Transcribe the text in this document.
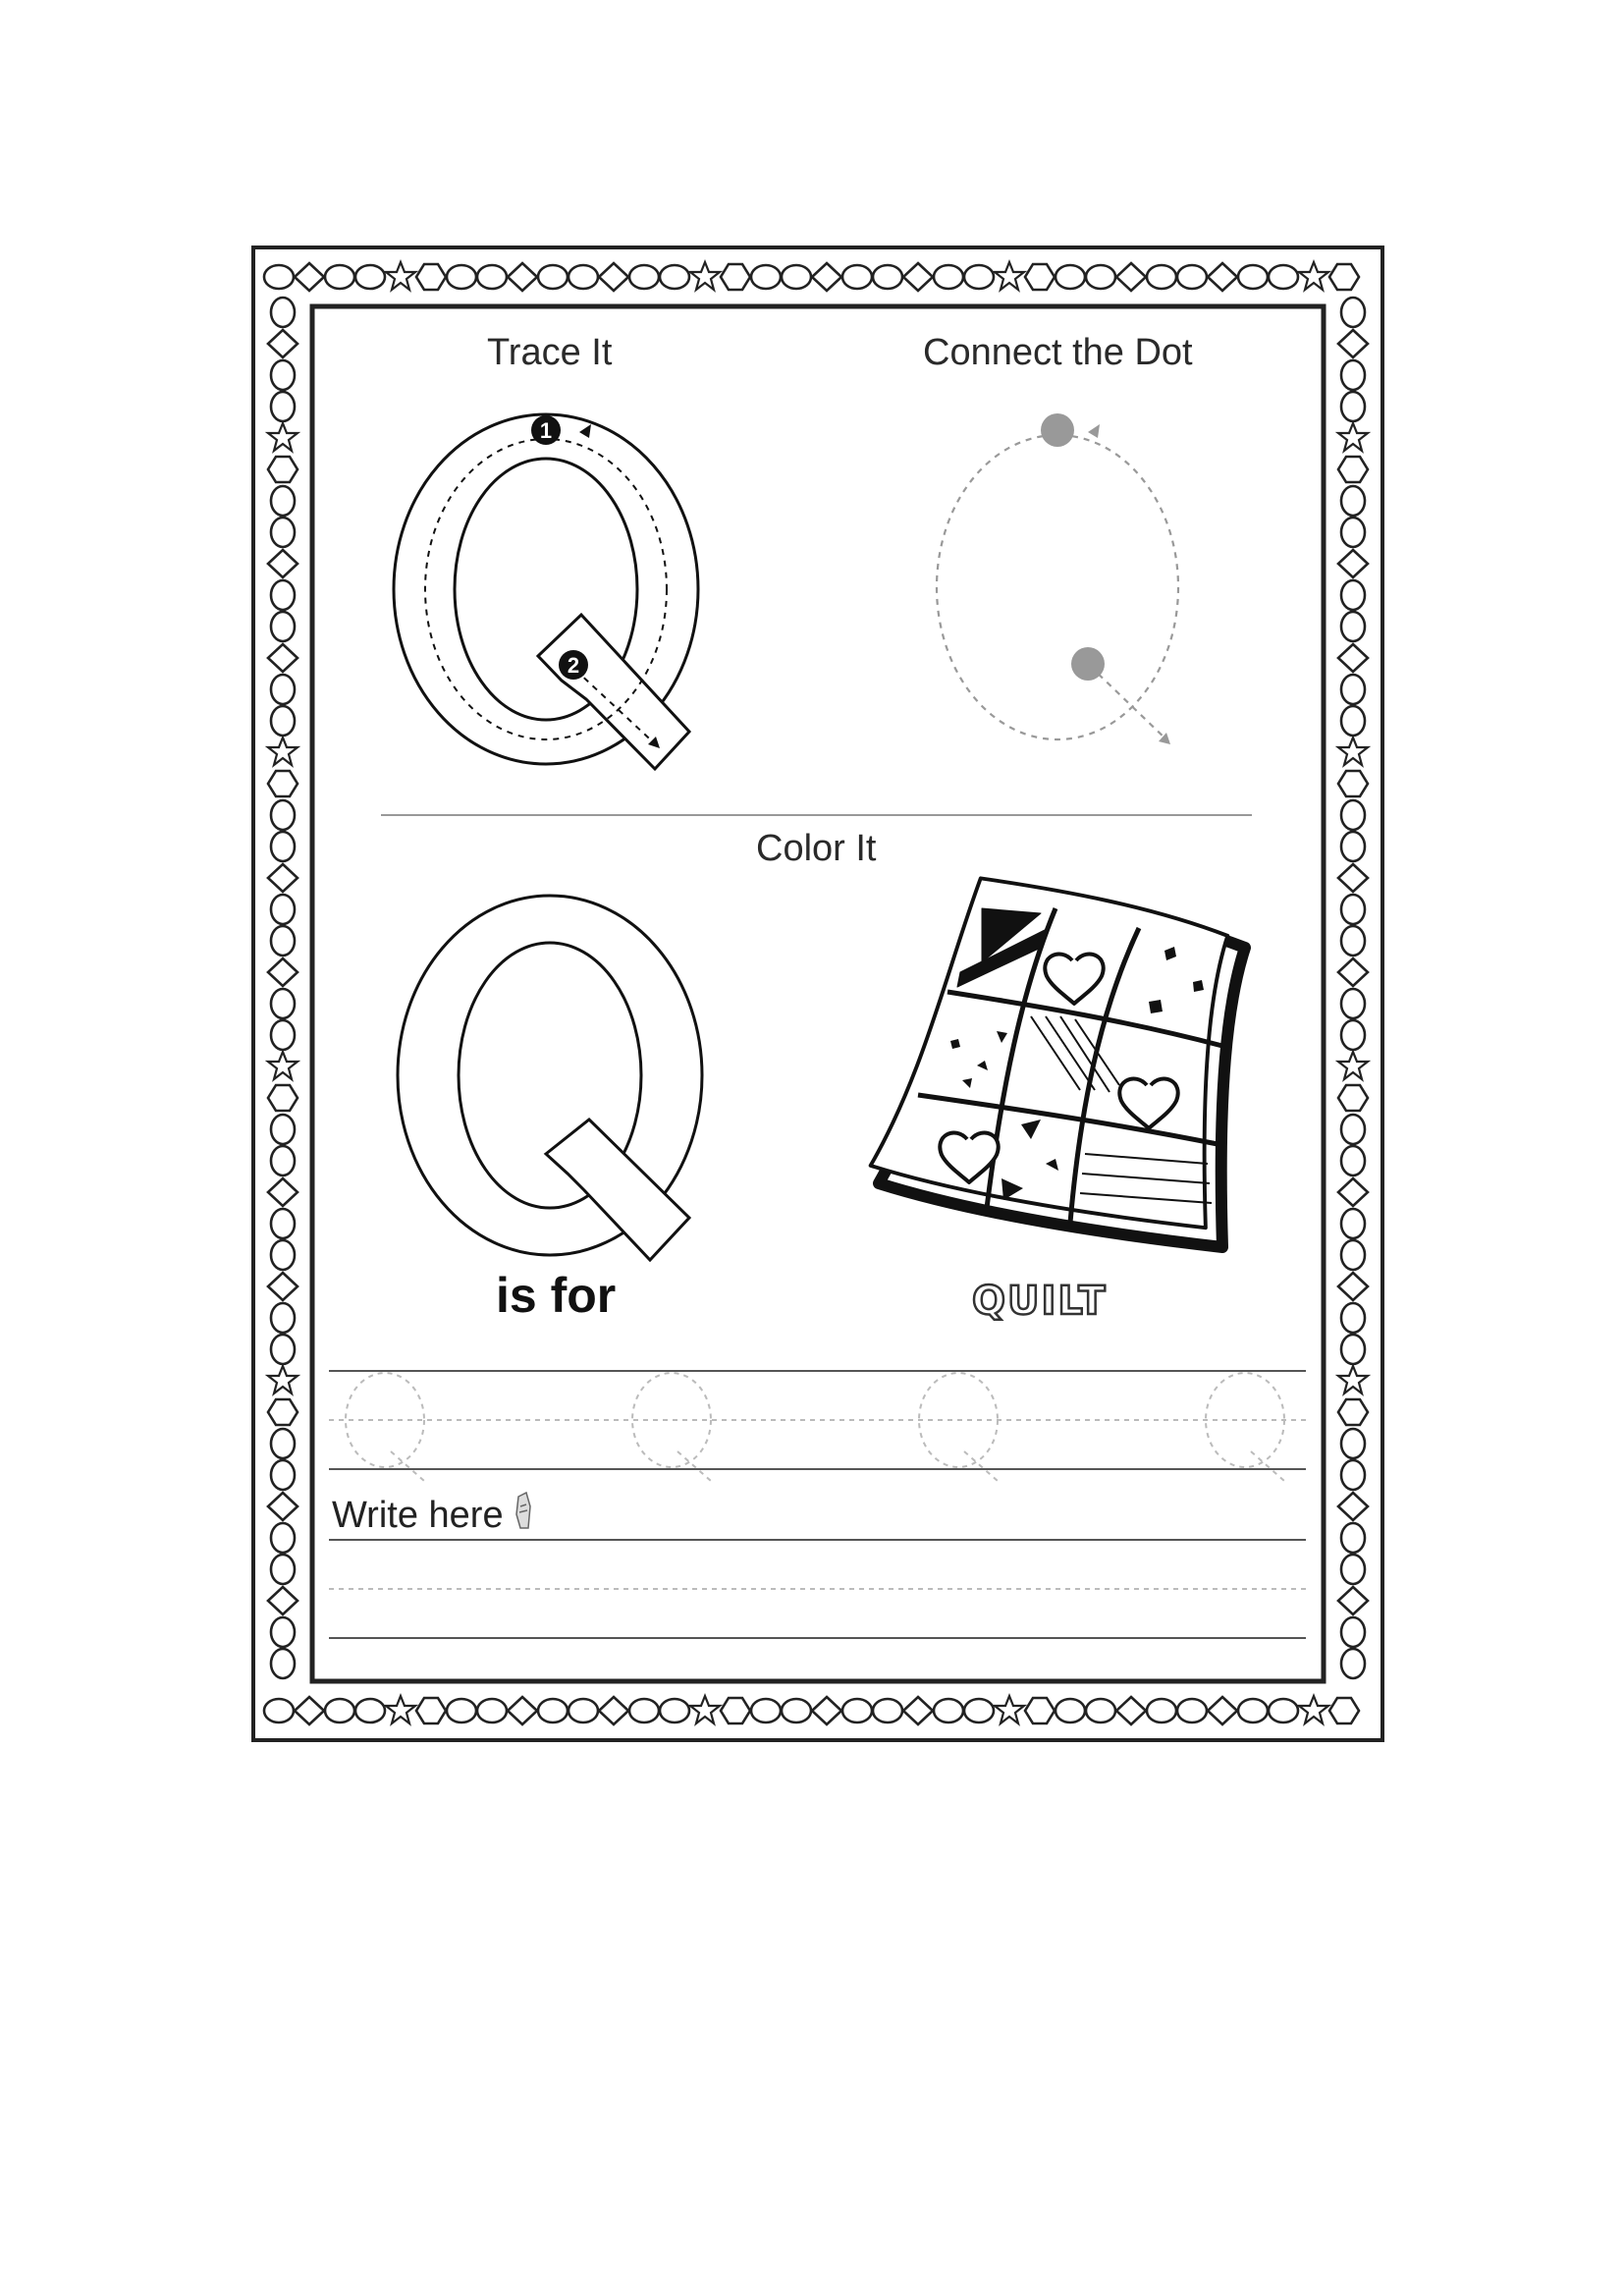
1
2
Trace It	Connect the Dot
Color It
is for	QUILT
Write here
